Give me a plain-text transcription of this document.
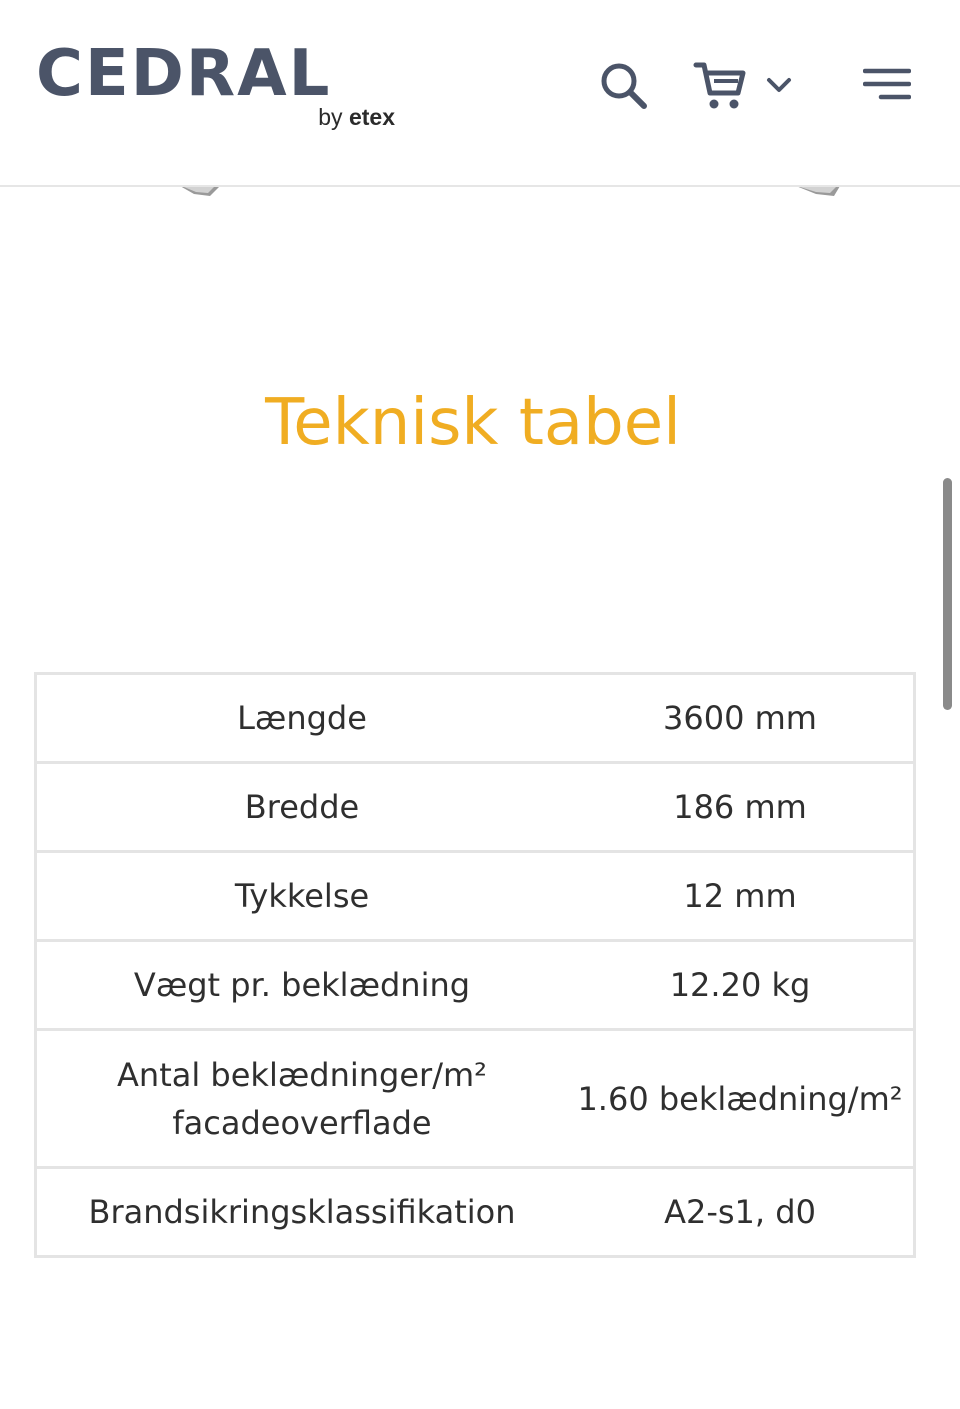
CEDRAL
by etex
Teknisk tabel
Længde	3600 mm
Bredde	186 mm
Tykkelse	12 mm
Vægt pr. beklædning	12.20 kg
Antal beklædninger/m² facadeoverflade	1.60 beklædning/m²
Brandsikringsklassifikation	A2-s1, d0
